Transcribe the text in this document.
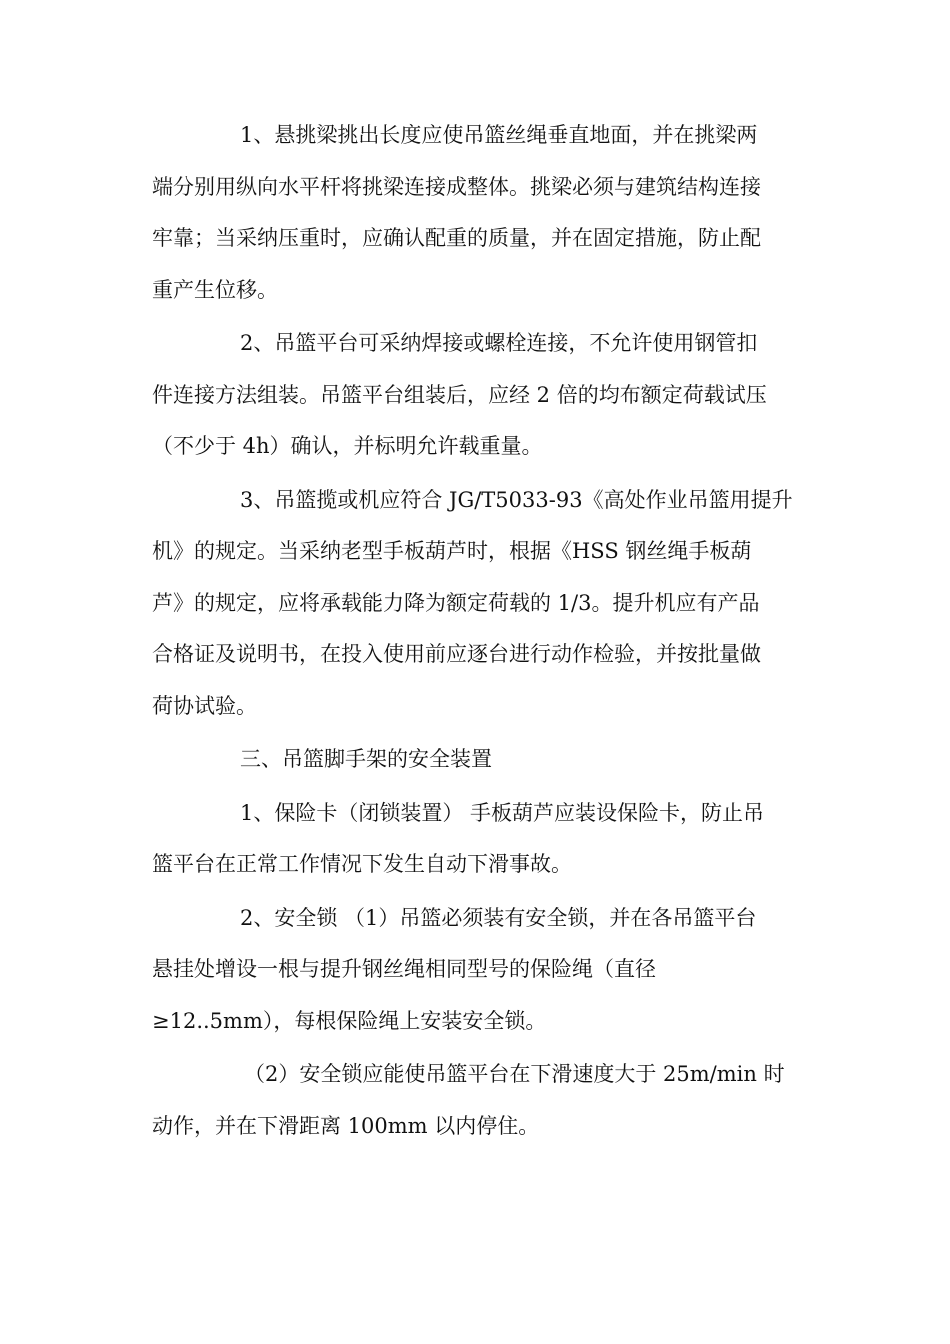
1、悬挑梁挑出长度应使吊篮丝绳垂直地面，并在挑梁两
端分别用纵向水平杆将挑梁连接成整体。挑梁必须与建筑结构连接
牢靠；当采纳压重时，应确认配重的质量，并在固定措施，防止配
重产生位移。

2、吊篮平台可采纳焊接或螺栓连接，不允许使用钢管扣
件连接方法组装。吊篮平台组装后，应经 2 倍的均布额定荷载试压
（不少于 4h）确认，并标明允许载重量。

3、吊篮揽或机应符合 JG/T5033-93《高处作业吊篮用提升
机》的规定。当采纳老型手板葫芦时，根据《HSS 钢丝绳手板葫
芦》的规定，应将承载能力降为额定荷载的 1/3。提升机应有产品
合格证及说明书，在投入使用前应逐台进行动作检验，并按批量做
荷协试验。

三、吊篮脚手架的安全装置

1、保险卡（闭锁装置） 手板葫芦应装设保险卡，防止吊
篮平台在正常工作情况下发生自动下滑事故。

2、安全锁 （1）吊篮必须装有安全锁，并在各吊篮平台
悬挂处增设一根与提升钢丝绳相同型号的保险绳（直径
≥12..5mm），每根保险绳上安装安全锁。

（2）安全锁应能使吊篮平台在下滑速度大于 25m/min 时
动作，并在下滑距离 100mm 以内停住。
